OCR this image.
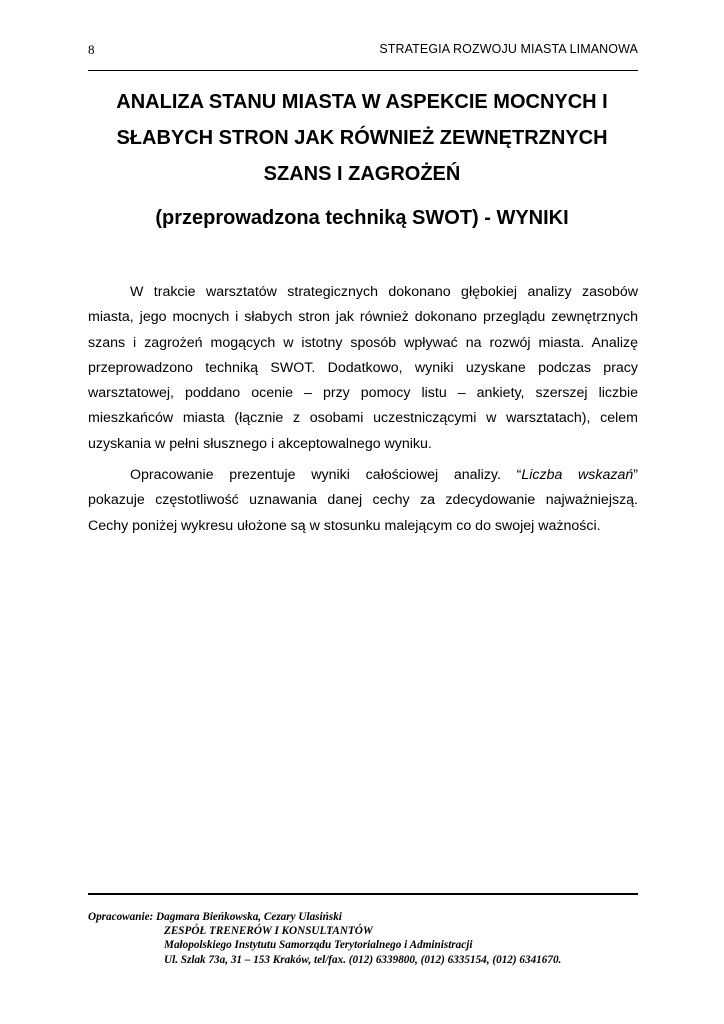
8	STRATEGIA ROZWOJU MIASTA LIMANOWA
ANALIZA STANU MIASTA W ASPEKCIE MOCNYCH I
SŁABYCH STRON JAK RÓWNIEŻ ZEWNĘTRZNYCH
SZANS I ZAGROŻEŃ
(przeprowadzona techniką SWOT) - WYNIKI

W trakcie warsztatów strategicznych dokonano głębokiej analizy zasobów
miasta, jego mocnych i słabych stron jak również dokonano przeglądu zewnętrznych
szans i zagrożeń mogących w istotny sposób wpływać na rozwój miasta. Analizę
przeprowadzono techniką SWOT. Dodatkowo, wyniki uzyskane podczas pracy
warsztatowej, poddano ocenie – przy pomocy listu – ankiety, szerszej liczbie
mieszkańców miasta (łącznie z osobami uczestniczącymi w warsztatach), celem
uzyskania w pełni słusznego i akceptowalnego wyniku.

Opracowanie prezentuje wyniki całościowej analizy. “Liczba wskazań”
pokazuje częstotliwość uznawania danej cechy za zdecydowanie najważniejszą.
Cechy poniżej wykresu ułożone są w stosunku malejącym co do swojej ważności.

Opracowanie: Dagmara Bieńkowska, Cezary Ulasiński
ZESPÓŁ TRENERÓW I KONSULTANTÓW
Małopolskiego Instytutu Samorządu Terytorialnego i Administracji
Ul. Szlak 73a, 31 – 153 Kraków, tel/fax. (012) 6339800, (012) 6335154, (012) 6341670.
